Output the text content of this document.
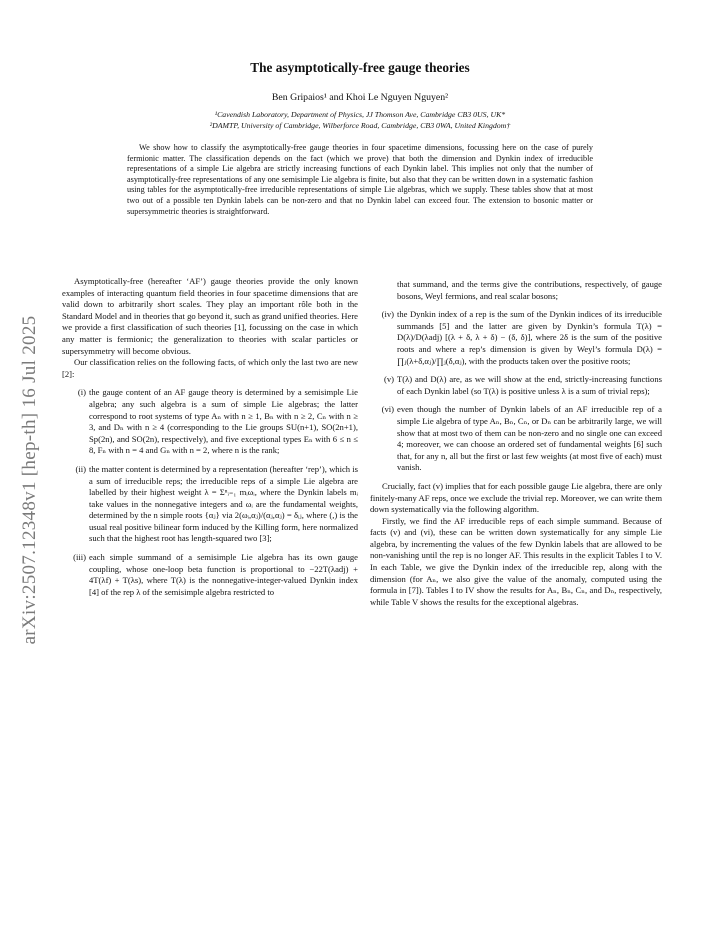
arXiv:2507.12348v1 [hep-th] 16 Jul 2025
The asymptotically-free gauge theories
Ben Gripaios¹ and Khoi Le Nguyen Nguyen²
¹Cavendish Laboratory, Department of Physics, JJ Thomson Ave, Cambridge CB3 0US, UK*
²DAMTP, University of Cambridge, Wilberforce Road, Cambridge, CB3 0WA, United Kingdom†
We show how to classify the asymptotically-free gauge theories in four spacetime dimensions, focussing here on the case of purely fermionic matter. The classification depends on the fact (which we prove) that both the dimension and Dynkin index of irreducible representations of a simple Lie algebra are strictly increasing functions of each Dynkin label. This implies not only that the number of asymptotically-free representations of any one semisimple Lie algebra is finite, but also that they can be written down in a systematic fashion using tables for the asymptotically-free irreducible representations of simple Lie algebras, which we supply. These tables show that at most two out of a possible ten Dynkin labels can be non-zero and that no Dynkin label can exceed four. The extension to bosonic matter or supersymmetric theories is straightforward.

Asymptotically-free (hereafter ‘AF’) gauge theories provide the only known examples of interacting quantum field theories in four spacetime dimensions that are valid down to arbitrarily short scales. They play an important rôle both in the Standard Model and in theories that go beyond it, such as grand unified theories. Here we provide a first classification of such theories [1], focussing on the case in which any matter is fermionic; the generalization to theories with scalar particles or supersymmetry will become obvious.

Our classification relies on the following facts, of which only the last two are new [2]:

(i) the gauge content of an AF gauge theory is determined by a semisimple Lie algebra; any such algebra is a sum of simple Lie algebras; the latter correspond to root systems of type Aₙ with n ≥ 1, Bₙ with n ≥ 2, Cₙ with n ≥ 3, and Dₙ with n ≥ 4 (corresponding to the Lie groups SU(n+1), SO(2n+1), Sp(2n), and SO(2n), respectively), and five exceptional types Eₙ with 6 ≤ n ≤ 8, Fₙ with n = 4 and Gₙ with n = 2, where n is the rank;
(ii) the matter content is determined by a representation (hereafter ‘rep’), which is a sum of irreducible reps; the irreducible reps of a simple Lie algebra are labelled by their highest weight λ = Σⁿᵢ₌₁ mᵢωᵢ, where the Dynkin labels mᵢ take values in the nonnegative integers and ωᵢ are the fundamental weights, determined by the n simple roots {αⱼ} via 2(ωᵢ,αⱼ)/(αⱼ,αⱼ) = δᵢⱼ, where (,) is the usual real positive bilinear form induced by the Killing form, here normalized such that the highest root has length-squared two [3];
(iii) each simple summand of a semisimple Lie algebra has its own gauge coupling, whose one-loop beta function is proportional to −22T(λadj) + 4T(λf) + T(λs), where T(λ) is the nonnegative-integer-valued Dynkin index [4] of the rep λ of the semisimple algebra restricted to

that summand, and the terms give the contributions, respectively, of gauge bosons, Weyl fermions, and real scalar bosons;

(iv) the Dynkin index of a rep is the sum of the Dynkin indices of its irreducible summands [5] and the latter are given by Dynkin’s formula T(λ) = D(λ)/D(λadj) [(λ + δ, λ + δ) − (δ, δ)], where 2δ is the sum of the positive roots and where a rep’s dimension is given by Weyl’s formula D(λ) = ∏ⱼ(λ+δ,αⱼ)/∏ⱼ(δ,αⱼ), with the products taken over the positive roots;
(v) T(λ) and D(λ) are, as we will show at the end, strictly-increasing functions of each Dynkin label (so T(λ) is positive unless λ is a sum of trivial reps);
(vi) even though the number of Dynkin labels of an AF irreducible rep of a simple Lie algebra of type Aₙ, Bₙ, Cₙ, or Dₙ can be arbitrarily large, we will show that at most two of them can be non-zero and no single one can exceed 4; moreover, we can choose an ordered set of fundamental weights [6] such that, for any n, all but the first or last few weights (at most five of each) must vanish.

Crucially, fact (v) implies that for each possible gauge Lie algebra, there are only finitely-many AF reps, once we exclude the trivial rep. Moreover, we can write them down systematically via the following algorithm.

Firstly, we find the AF irreducible reps of each simple summand. Because of facts (v) and (vi), these can be written down systematically for any simple Lie algebra, by incrementing the values of the few Dynkin labels that are allowed to be non-vanishing until the rep is no longer AF. This results in the explicit Tables I to V. In each Table, we give the Dynkin index of the irreducible rep, along with the dimension (for Aₙ, we also give the value of the anomaly, computed using the formula in [7]). Tables I to IV show the results for Aₙ, Bₙ, Cₙ, and Dₙ, respectively, while Table V shows the results for the exceptional algebras.
